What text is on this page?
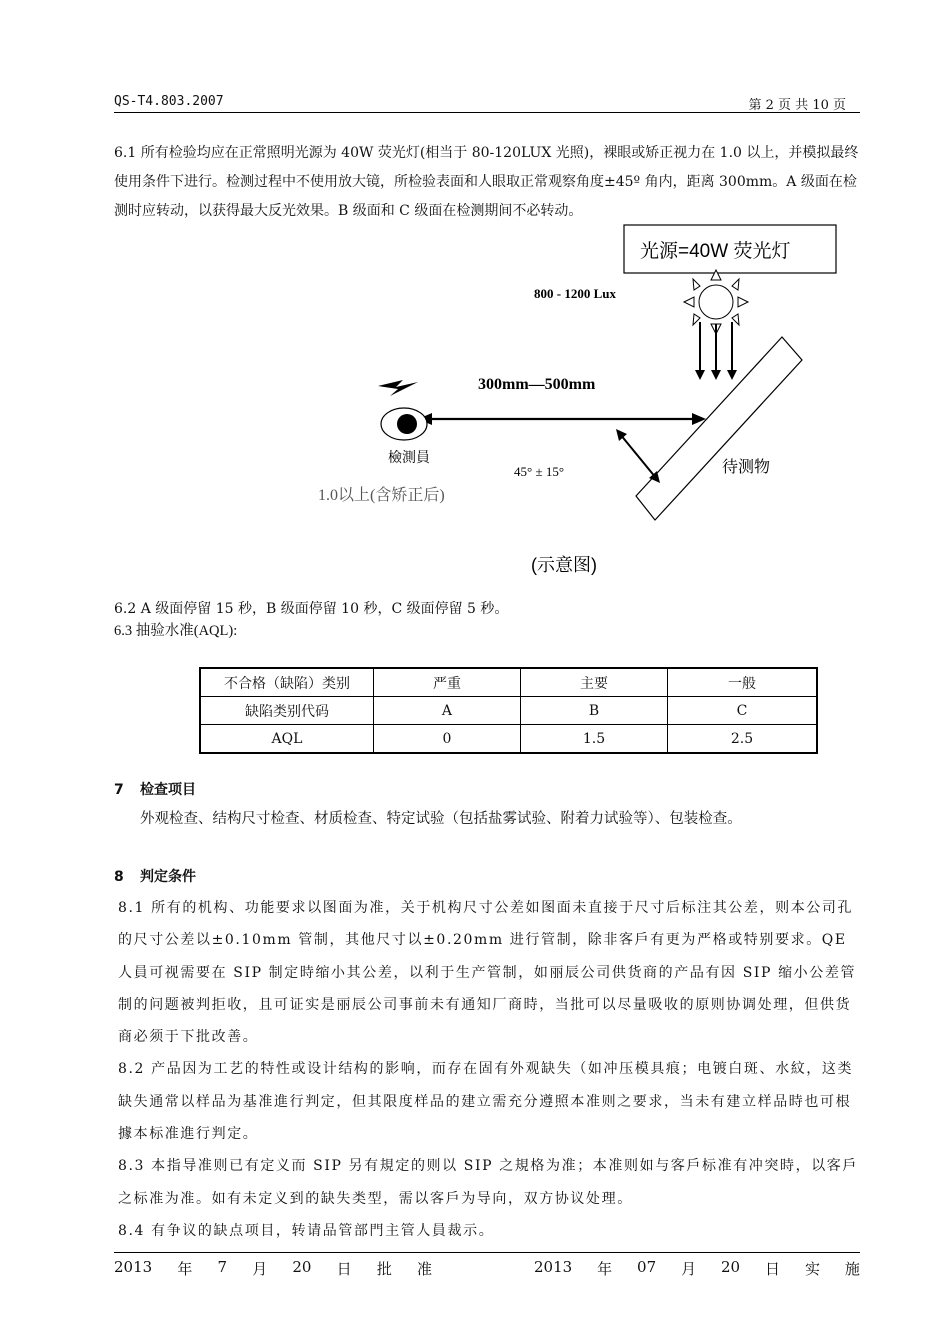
QS-T4.803.2007	第 2 页 共 10 页
6.1 所有检验均应在正常照明光源为 40W 荧光灯(相当于 80-120LUX 光照)，裸眼或矫正视力在 1.0 以上，并模拟最终使用条件下进行。检测过程中不使用放大镜，所检验表面和人眼取正常观察角度±45º 角内，距离 300mm。A 级面在检测时应转动，以获得最大反光效果。B 级面和 C 级面在检测期间不必转动。
光源=40W 荧光灯
800 - 1200 Lux
待测物
300mm—500mm
45° ± 15°
檢測員
1.0以上(含矫正后)
(示意图)
6.2 A 级面停留 15 秒，B 级面停留 10 秒，C 级面停留 5 秒。
6.3 抽验水准(AQL):
不合格（缺陷）类别	严重	主要	一般
缺陷类别代码	A	B	C
AQL	0	1.5	2.5
7 检查项目
外观检查、结构尺寸检查、材质检查、特定试验（包括盐雾试验、附着力试验等）、包装检查。
8 判定条件

8.1 所有的机构、功能要求以图面为准，关于机构尺寸公差如图面未直接于尺寸后标注其公差，则本公司孔的尺寸公差以±0.10mm 管制，其他尺寸以±0.20mm 进行管制，除非客戶有更为严格或特别要求。QE 人員可视需要在 SIP 制定時缩小其公差，以利于生产管制，如丽辰公司供货商的产品有因 SIP 缩小公差管制的问题被判拒收，且可证实是丽辰公司事前未有通知厂商時，当批可以尽量吸收的原则协调处理，但供货商必须于下批改善。

8.2 产品因为工艺的特性或设计结构的影响，而存在固有外观缺失（如冲压模具痕；电镀白斑、水紋，这类缺失通常以样品为基准進行判定，但其限度样品的建立需充分遵照本准则之要求，当未有建立样品時也可根據本标准進行判定。

8.3 本指导准则已有定义而 SIP 另有規定的则以 SIP 之規格为准；本准则如与客戶标准有冲突時，以客戶之标准为准。如有未定义到的缺失类型，需以客戶为导向，双方协议处理。

8.4 有争议的缺点项目，转请品管部門主管人員裁示。

2013 年 7 月 20 日 批 准	2013 年 07 月 20 日 实 施
